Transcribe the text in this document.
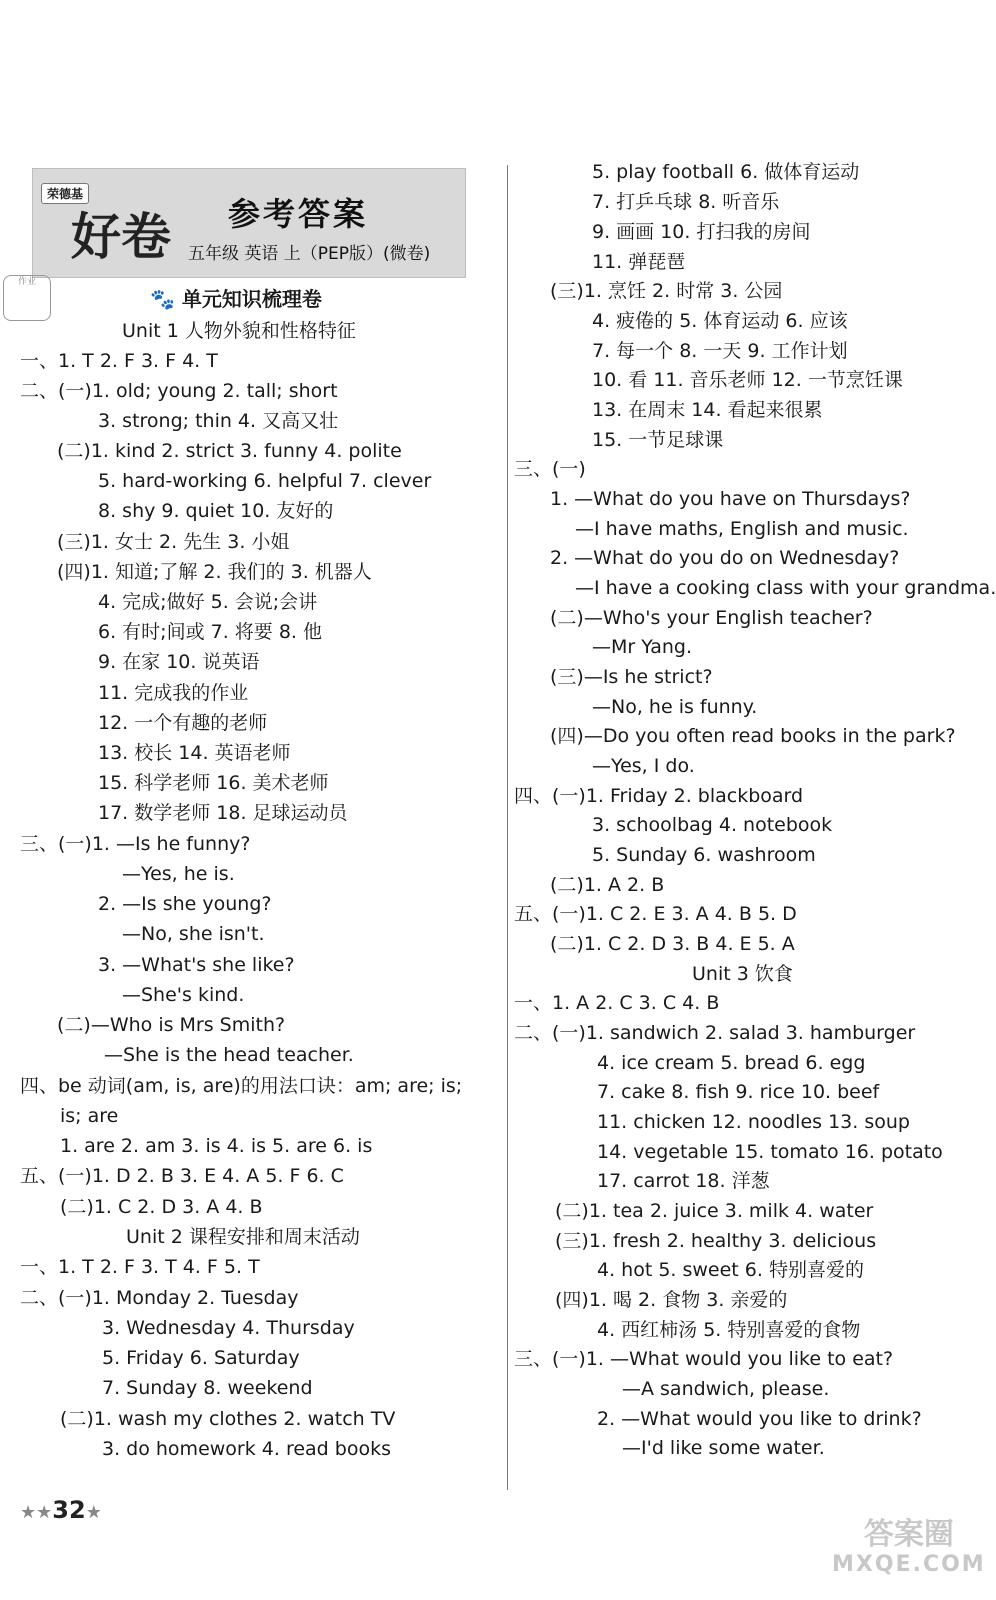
荣德基
好卷 参考答案
五年级 英语 上（PEP版）(微卷)
作业
🐾 单元知识梳理卷
Unit 1 人物外貌和性格特征
一、1. T 2. F 3. F 4. T
二、(一)1. old; young 2. tall; short
3. strong; thin 4. 又高又壮
(二)1. kind 2. strict 3. funny 4. polite
5. hard-working 6. helpful 7. clever
8. shy 9. quiet 10. 友好的
(三)1. 女士 2. 先生 3. 小姐
(四)1. 知道;了解 2. 我们的 3. 机器人
4. 完成;做好 5. 会说;会讲
6. 有时;间或 7. 将要 8. 他
9. 在家 10. 说英语
11. 完成我的作业
12. 一个有趣的老师
13. 校长 14. 英语老师
15. 科学老师 16. 美术老师
17. 数学老师 18. 足球运动员
三、(一)1. —Is he funny?
—Yes, he is.
2. —Is she young?
—No, she isn't.
3. —What's she like?
—She's kind.
(二)—Who is Mrs Smith?
—She is the head teacher.
四、be 动词(am, is, are)的用法口诀：am; are; is;
is; are
1. are 2. am 3. is 4. is 5. are 6. is
五、(一)1. D 2. B 3. E 4. A 5. F 6. C
(二)1. C 2. D 3. A 4. B
Unit 2 课程安排和周末活动
一、1. T 2. F 3. T 4. F 5. T
二、(一)1. Monday 2. Tuesday
3. Wednesday 4. Thursday
5. Friday 6. Saturday
7. Sunday 8. weekend
(二)1. wash my clothes 2. watch TV
3. do homework 4. read books
5. play football 6. 做体育运动
7. 打乒乓球 8. 听音乐
9. 画画 10. 打扫我的房间
11. 弹琵琶
(三)1. 烹饪 2. 时常 3. 公园
4. 疲倦的 5. 体育运动 6. 应该
7. 每一个 8. 一天 9. 工作计划
10. 看 11. 音乐老师 12. 一节烹饪课
13. 在周末 14. 看起来很累
15. 一节足球课
三、(一)
1. —What do you have on Thursdays?
—I have maths, English and music.
2. —What do you do on Wednesday?
—I have a cooking class with your grandma.
(二)—Who's your English teacher?
—Mr Yang.
(三)—Is he strict?
—No, he is funny.
(四)—Do you often read books in the park?
—Yes, I do.
四、(一)1. Friday 2. blackboard
3. schoolbag 4. notebook
5. Sunday 6. washroom
(二)1. A 2. B
五、(一)1. C 2. E 3. A 4. B 5. D
(二)1. C 2. D 3. B 4. E 5. A
Unit 3 饮食
一、1. A 2. C 3. C 4. B
二、(一)1. sandwich 2. salad 3. hamburger
4. ice cream 5. bread 6. egg
7. cake 8. fish 9. rice 10. beef
11. chicken 12. noodles 13. soup
14. vegetable 15. tomato 16. potato
17. carrot 18. 洋葱
(二)1. tea 2. juice 3. milk 4. water
(三)1. fresh 2. healthy 3. delicious
4. hot 5. sweet 6. 特别喜爱的
(四)1. 喝 2. 食物 3. 亲爱的
4. 西红柿汤 5. 特别喜爱的食物
三、(一)1. —What would you like to eat?
—A sandwich, please.
2. —What would you like to drink?
—I'd like some water.
★★32★
答案圈
MXQE.COM
